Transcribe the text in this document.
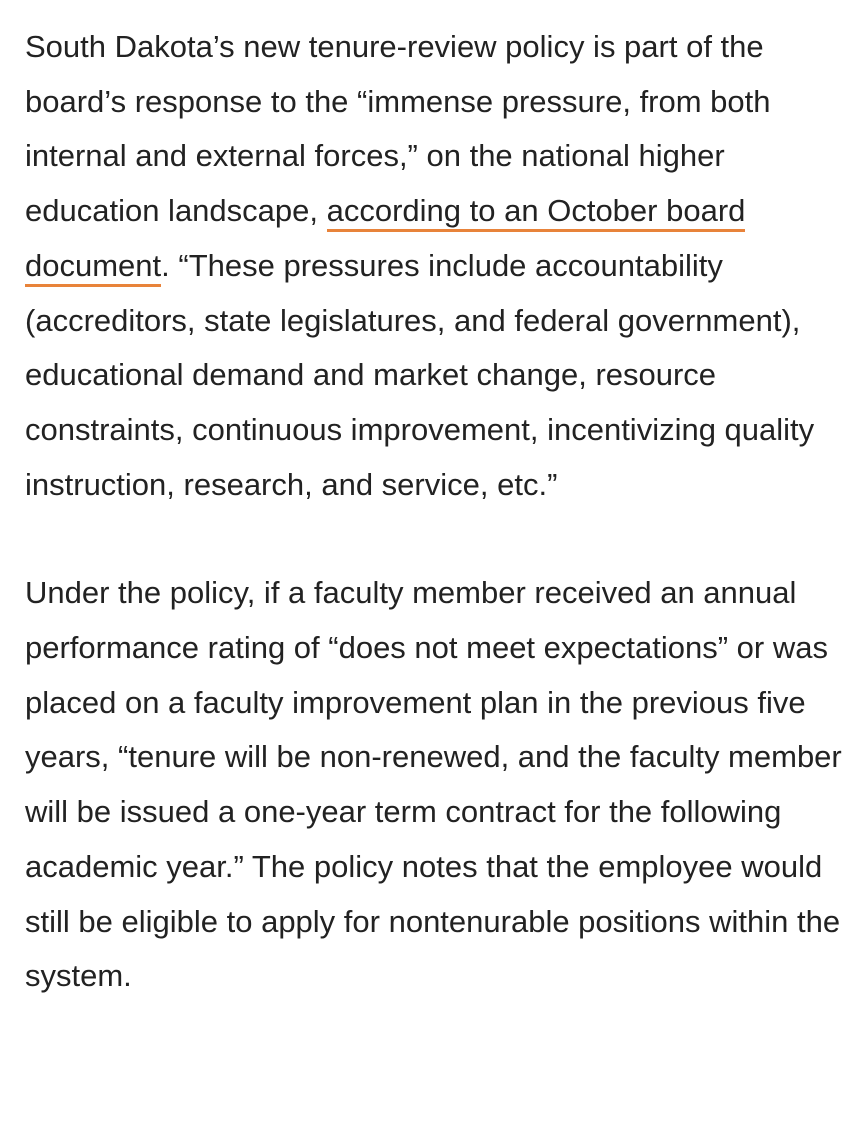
South Dakota’s new tenure-review policy is part of the board’s response to the “immense pressure, from both internal and external forces,” on the national higher education landscape, according to an October board document. “These pressures include accountability (accreditors, state legislatures, and federal government), educational demand and market change, resource constraints, continuous improvement, incentivizing quality instruction, research, and service, etc.”

Under the policy, if a faculty member received an annual performance rating of “does not meet expectations” or was placed on a faculty improvement plan in the previous five years, “tenure will be non-renewed, and the faculty member will be issued a one-year term contract for the following academic year.” The policy notes that the employee would still be eligible to apply for nontenurable positions within the system.
